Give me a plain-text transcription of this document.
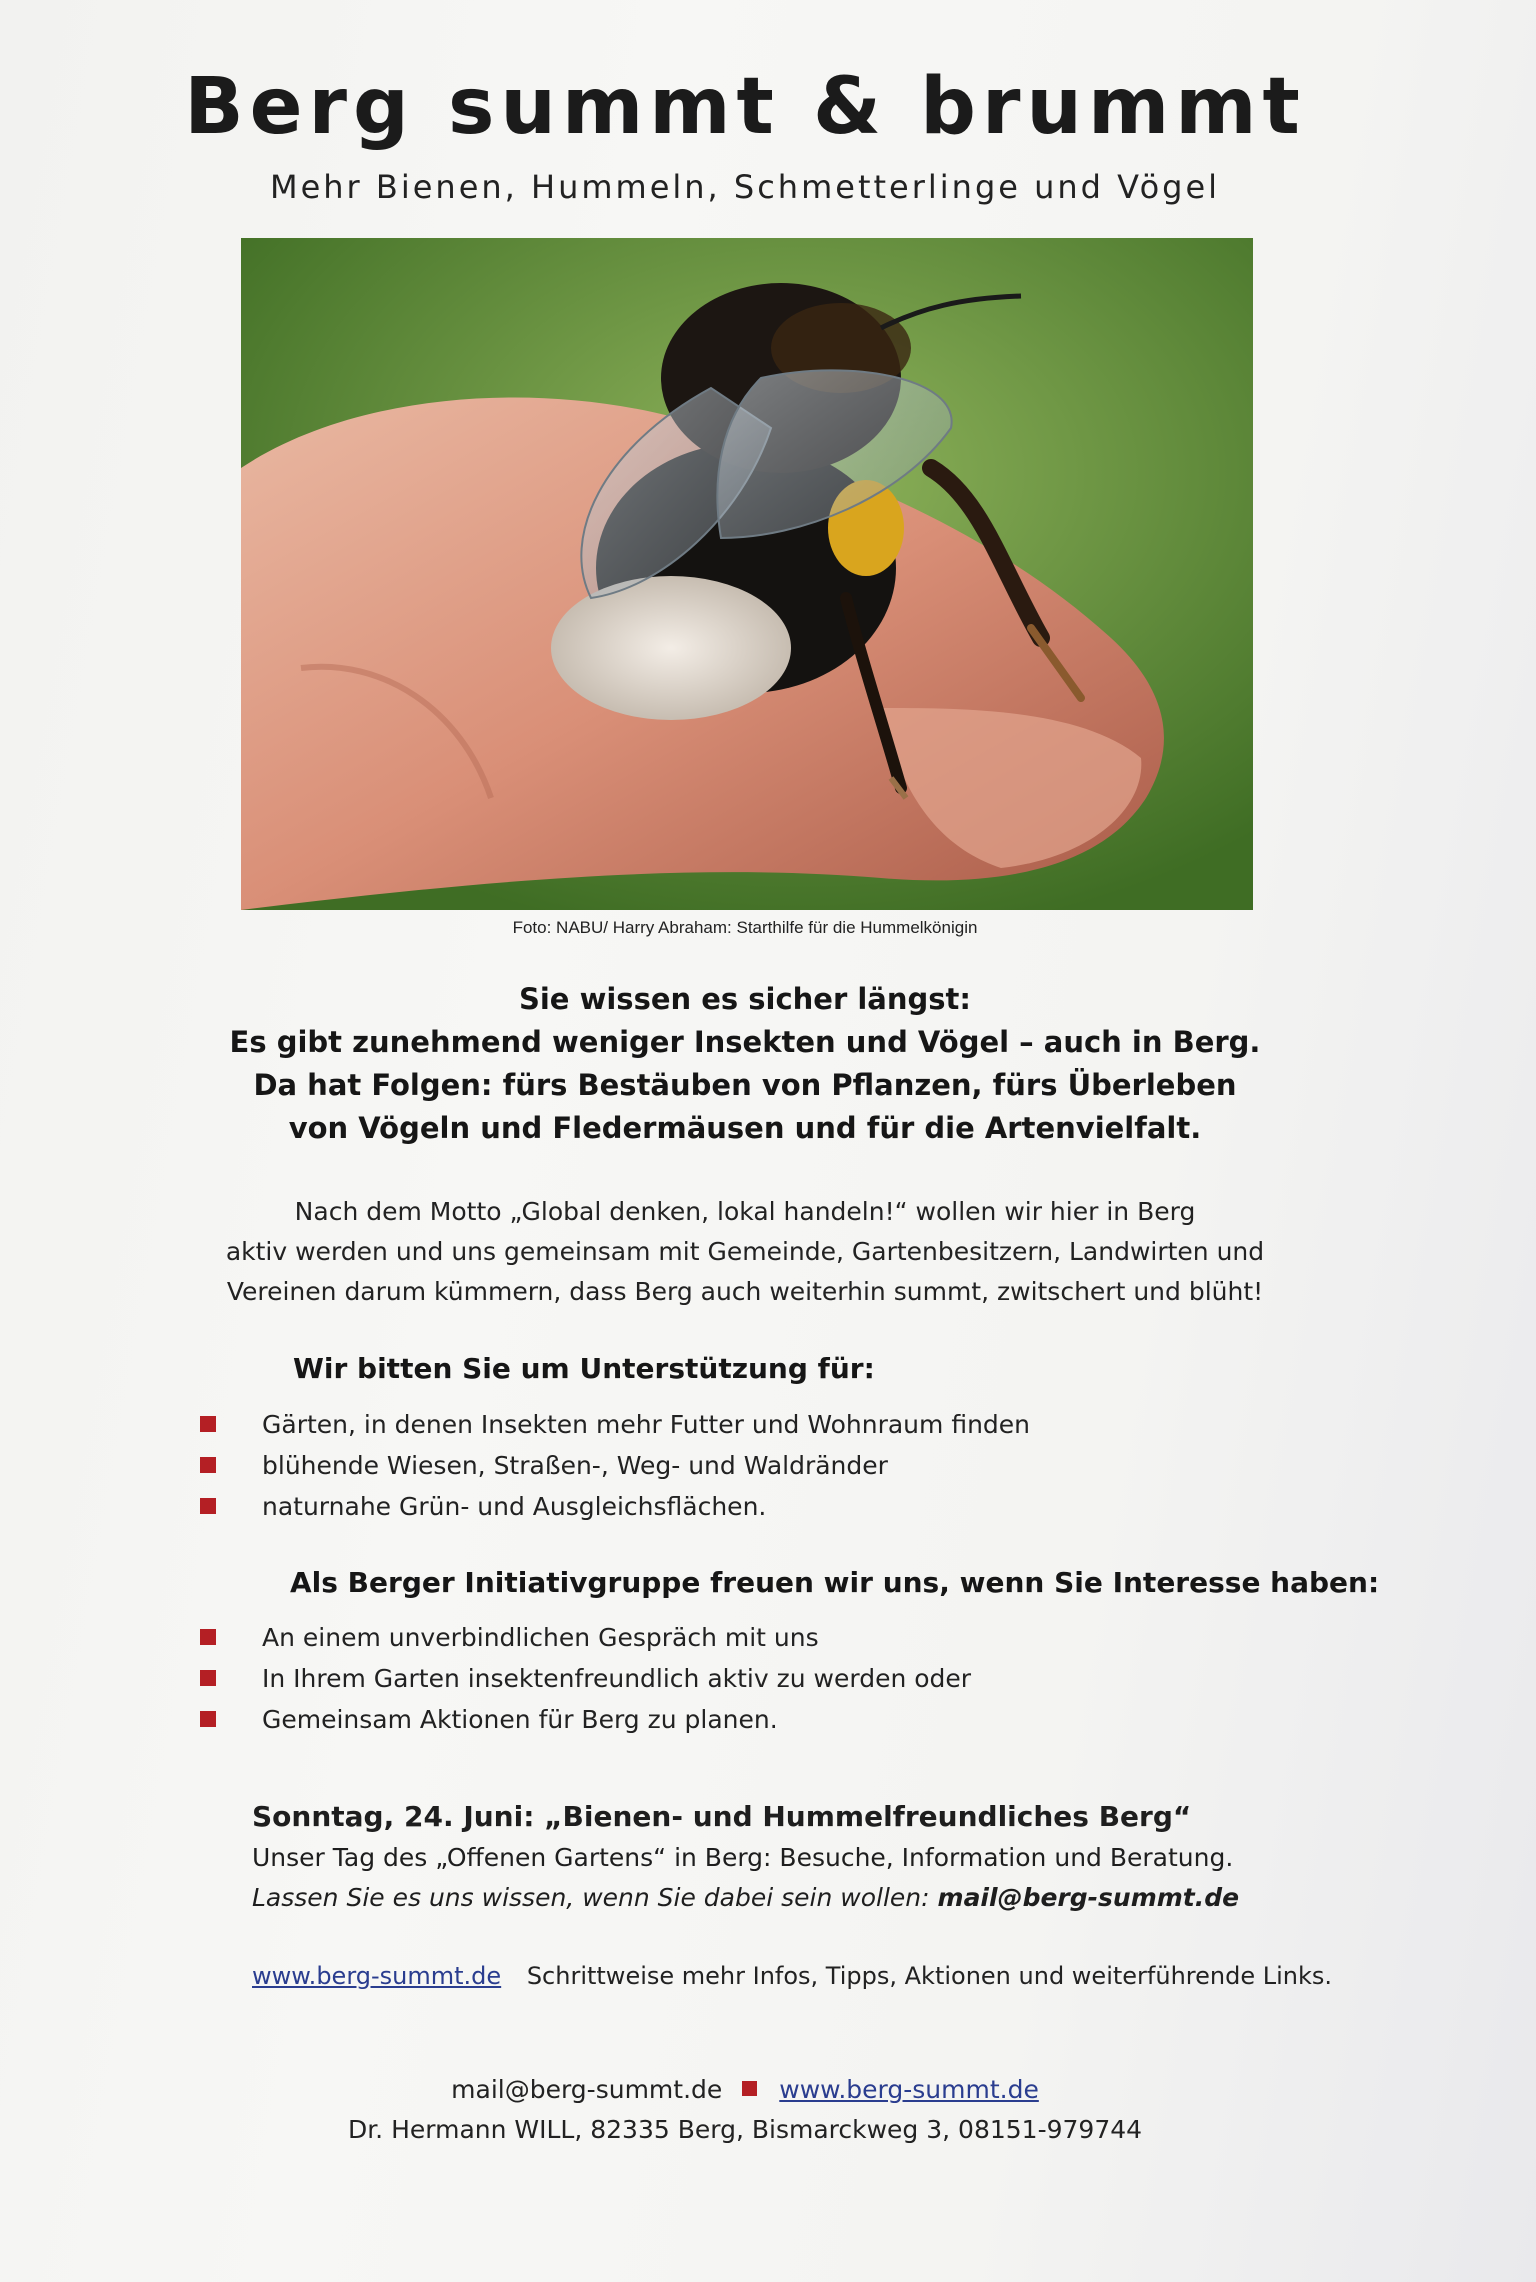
Berg summt & brummt
Mehr Bienen, Hummeln, Schmetterlinge und Vögel
Foto: NABU/ Harry Abraham: Starthilfe für die Hummelkönigin
Sie wissen es sicher längst:
Es gibt zunehmend weniger Insekten und Vögel – auch in Berg.
Da hat Folgen: fürs Bestäuben von Pflanzen, fürs Überleben
von Vögeln und Fledermäusen und für die Artenvielfalt.
Nach dem Motto „Global denken, lokal handeln!“ wollen wir hier in Berg
aktiv werden und uns gemeinsam mit Gemeinde, Gartenbesitzern, Landwirten und
Vereinen darum kümmern, dass Berg auch weiterhin summt, zwitschert und blüht!
Wir bitten Sie um Unterstützung für:
Gärten, in denen Insekten mehr Futter und Wohnraum finden
blühende Wiesen, Straßen-, Weg- und Waldränder
naturnahe Grün- und Ausgleichsflächen.
Als Berger Initiativgruppe freuen wir uns, wenn Sie Interesse haben:
An einem unverbindlichen Gespräch mit uns
In Ihrem Garten insektenfreundlich aktiv zu werden oder
Gemeinsam Aktionen für Berg zu planen.
Sonntag, 24. Juni: „Bienen- und Hummelfreundliches Berg“
Unser Tag des „Offenen Gartens“ in Berg: Besuche, Information und Beratung.
Lassen Sie es uns wissen, wenn Sie dabei sein wollen: mail@berg-summt.de
www.berg-summt.de Schrittweise mehr Infos, Tipps, Aktionen und weiterführende Links.
mail@berg-summt.de www.berg-summt.de
Dr. Hermann WILL, 82335 Berg, Bismarckweg 3, 08151-979744
